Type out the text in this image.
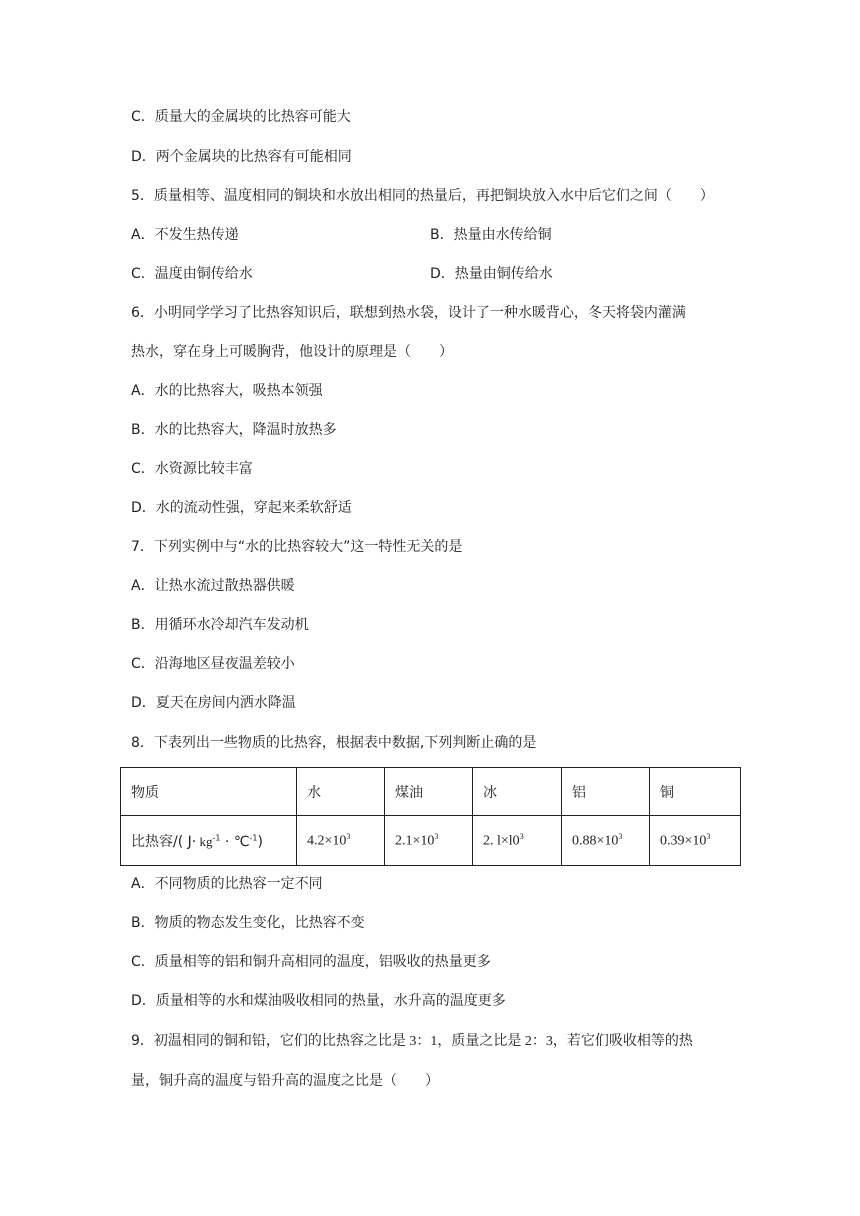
C．质量大的金属块的比热容可能大
D．两个金属块的比热容有可能相同
5．质量相等、温度相同的铜块和水放出相同的热量后，再把铜块放入水中后它们之间（　　）
A．不发生热传递	B．热量由水传给铜
C．温度由铜传给水	D．热量由铜传给水
6．小明同学学习了比热容知识后，联想到热水袋，设计了一种水暖背心，冬天将袋内灌满
热水，穿在身上可暖胸背，他设计的原理是（　　）
A．水的比热容大，吸热本领强
B．水的比热容大，降温时放热多
C．水资源比较丰富
D．水的流动性强，穿起来柔软舒适
7．下列实例中与“水的比热容较大”这一特性无关的是
A．让热水流过散热器供暖
B．用循环水冷却汽车发动机
C．沿海地区昼夜温差较小
D．夏天在房间内洒水降温
8．下表列出一些物质的比热容，根据表中数据,下列判断止确的是
物质	水	煤油	冰	铝	铜
比热容/( $J\cdot kg^{-1}$ · ℃$^{-1}$)	$4.2\times 10^3$	$2.1\times 10^3$	2. $l\times l0^3$	$0.88\times 10^3$	$0.39\times 10^3$
A．不同物质的比热容一定不同
B．物质的物态发生变化，比热容不变
C．质量相等的铝和铜升高相同的温度，铝吸收的热量更多
D．质量相等的水和煤油吸收相同的热量，水升高的温度更多
9．初温相同的铜和铅，它们的比热容之比是 3：1，质量之比是 2：3，若它们吸收相等的热
量，铜升高的温度与铅升高的温度之比是（　　）
